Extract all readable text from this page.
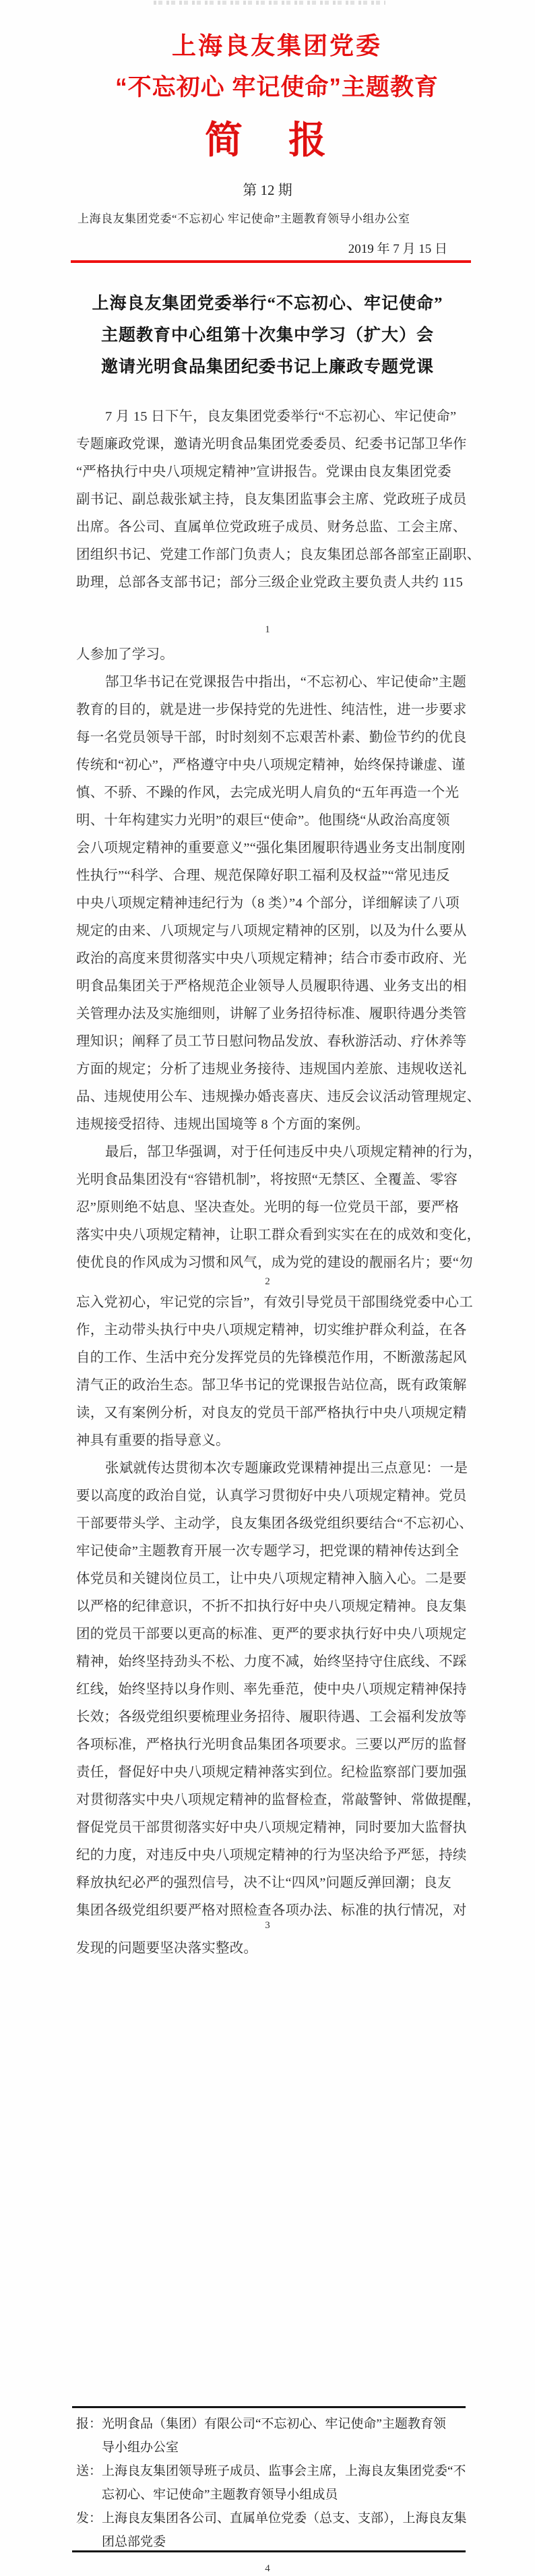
上海良友集团党委
“不忘初心 牢记使命”主题教育
简　报
第 12 期
上海良友集团党委“不忘初心 牢记使命”主题教育领导小组办公室
2019 年 7 月 15 日
上海良友集团党委举行“不忘初心、牢记使命”
主题教育中心组第十次集中学习（扩大）会
邀请光明食品集团纪委书记上廉政专题党课
7 月 15 日下午，良友集团党委举行“不忘初心、牢记使命”
专题廉政党课，邀请光明食品集团党委委员、纪委书记郜卫华作
“严格执行中央八项规定精神”宣讲报告。党课由良友集团党委
副书记、副总裁张斌主持，良友集团监事会主席、党政班子成员
出席。各公司、直属单位党政班子成员、财务总监、工会主席、
团组织书记、党建工作部门负责人；良友集团总部各部室正副职、
助理，总部各支部书记；部分三级企业党政主要负责人共约 115
1
人参加了学习。
郜卫华书记在党课报告中指出，“不忘初心、牢记使命”主题
教育的目的，就是进一步保持党的先进性、纯洁性，进一步要求
每一名党员领导干部，时时刻刻不忘艰苦朴素、勤俭节约的优良
传统和“初心”，严格遵守中央八项规定精神，始终保持谦虚、谨
慎、不骄、不躁的作风，去完成光明人肩负的“五年再造一个光
明、十年构建实力光明”的艰巨“使命”。他围绕“从政治高度领
会八项规定精神的重要意义”“强化集团履职待遇业务支出制度刚
性执行”“科学、合理、规范保障好职工福利及权益”“常见违反
中央八项规定精神违纪行为（8 类）”4 个部分，详细解读了八项
规定的由来、八项规定与八项规定精神的区别，以及为什么要从
政治的高度来贯彻落实中央八项规定精神；结合市委市政府、光
明食品集团关于严格规范企业领导人员履职待遇、业务支出的相
关管理办法及实施细则，讲解了业务招待标准、履职待遇分类管
理知识；阐释了员工节日慰问物品发放、春秋游活动、疗休养等
方面的规定；分析了违规业务接待、违规国内差旅、违规收送礼
品、违规使用公车、违规操办婚丧喜庆、违反会议活动管理规定、
违规接受招待、违规出国境等 8 个方面的案例。
最后，郜卫华强调，对于任何违反中央八项规定精神的行为，
光明食品集团没有“容错机制”，将按照“无禁区、全覆盖、零容
忍”原则绝不姑息、坚决查处。光明的每一位党员干部，要严格
落实中央八项规定精神，让职工群众看到实实在在的成效和变化，
使优良的作风成为习惯和风气，成为党的建设的靓丽名片；要“勿
2
忘入党初心，牢记党的宗旨”，有效引导党员干部围绕党委中心工
作，主动带头执行中央八项规定精神，切实维护群众利益，在各
自的工作、生活中充分发挥党员的先锋模范作用，不断激荡起风
清气正的政治生态。郜卫华书记的党课报告站位高，既有政策解
读，又有案例分析，对良友的党员干部严格执行中央八项规定精
神具有重要的指导意义。
张斌就传达贯彻本次专题廉政党课精神提出三点意见：一是
要以高度的政治自觉，认真学习贯彻好中央八项规定精神。党员
干部要带头学、主动学，良友集团各级党组织要结合“不忘初心、
牢记使命”主题教育开展一次专题学习，把党课的精神传达到全
体党员和关键岗位员工，让中央八项规定精神入脑入心。二是要
以严格的纪律意识，不折不扣执行好中央八项规定精神。良友集
团的党员干部要以更高的标准、更严的要求执行好中央八项规定
精神，始终坚持劲头不松、力度不减，始终坚持守住底线、不踩
红线，始终坚持以身作则、率先垂范，使中央八项规定精神保持
长效；各级党组织要梳理业务招待、履职待遇、工会福利发放等
各项标准，严格执行光明食品集团各项要求。三要以严厉的监督
责任，督促好中央八项规定精神落实到位。纪检监察部门要加强
对贯彻落实中央八项规定精神的监督检查，常敲警钟、常做提醒，
督促党员干部贯彻落实好中央八项规定精神，同时要加大监督执
纪的力度，对违反中央八项规定精神的行为坚决给予严惩，持续
释放执纪必严的强烈信号，决不让“四风”问题反弹回潮；良友
集团各级党组织要严格对照检查各项办法、标准的执行情况，对
3
发现的问题要坚决落实整改。
报：光明食品（集团）有限公司“不忘初心、牢记使命”主题教育领
导小组办公室
送：上海良友集团领导班子成员、监事会主席，上海良友集团党委“不
忘初心、牢记使命”主题教育领导小组成员
发：上海良友集团各公司、直属单位党委（总支、支部），上海良友集
团总部党委
4
